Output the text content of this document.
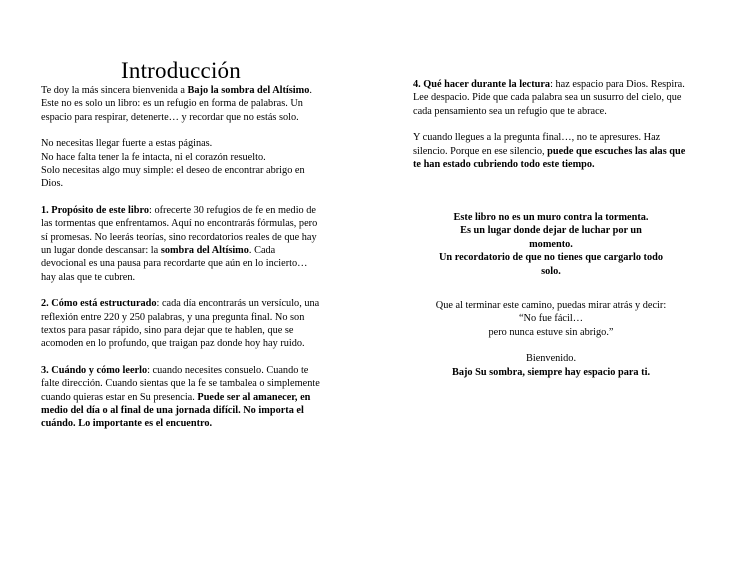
Introducción

Te doy la más sincera bienvenida a Bajo la sombra del Altísimo. Este no es solo un libro: es un refugio en forma de palabras. Un espacio para respirar, detenerte… y recordar que no estás solo.

No necesitas llegar fuerte a estas páginas.
No hace falta tener la fe intacta, ni el corazón resuelto.
Solo necesitas algo muy simple: el deseo de encontrar abrigo en Dios.

1. Propósito de este libro: ofrecerte 30 refugios de fe en medio de las tormentas que enfrentamos. Aquí no encontrarás fórmulas, pero sí promesas. No leerás teorías, sino recordatorios reales de que hay un lugar donde descansar: la sombra del Altísimo. Cada devocional es una pausa para recordarte que aún en lo incierto… hay alas que te cubren.

2. Cómo está estructurado: cada día encontrarás un versículo, una reflexión entre 220 y 250 palabras, y una pregunta final. No son textos para pasar rápido, sino para dejar que te hablen, que se acomoden en lo profundo, que traigan paz donde hoy hay ruido.

3. Cuándo y cómo leerlo: cuando necesites consuelo. Cuando te falte dirección. Cuando sientas que la fe se tambalea o simplemente cuando quieras estar en Su presencia. Puede ser al amanecer, en medio del día o al final de una jornada difícil. No importa el cuándo. Lo importante es el encuentro.

4. Qué hacer durante la lectura: haz espacio para Dios. Respira. Lee despacio. Pide que cada palabra sea un susurro del cielo, que cada pensamiento sea un refugio que te abrace.

Y cuando llegues a la pregunta final…, no te apresures. Haz silencio. Porque en ese silencio, puede que escuches las alas que te han estado cubriendo todo este tiempo.

Este libro no es un muro contra la tormenta.
Es un lugar donde dejar de luchar por un
momento.
Un recordatorio de que no tienes que cargarlo todo
solo.
Que al terminar este camino, puedas mirar atrás y decir:
“No fue fácil…
pero nunca estuve sin abrigo.”
Bienvenido.
Bajo Su sombra, siempre hay espacio para ti.
